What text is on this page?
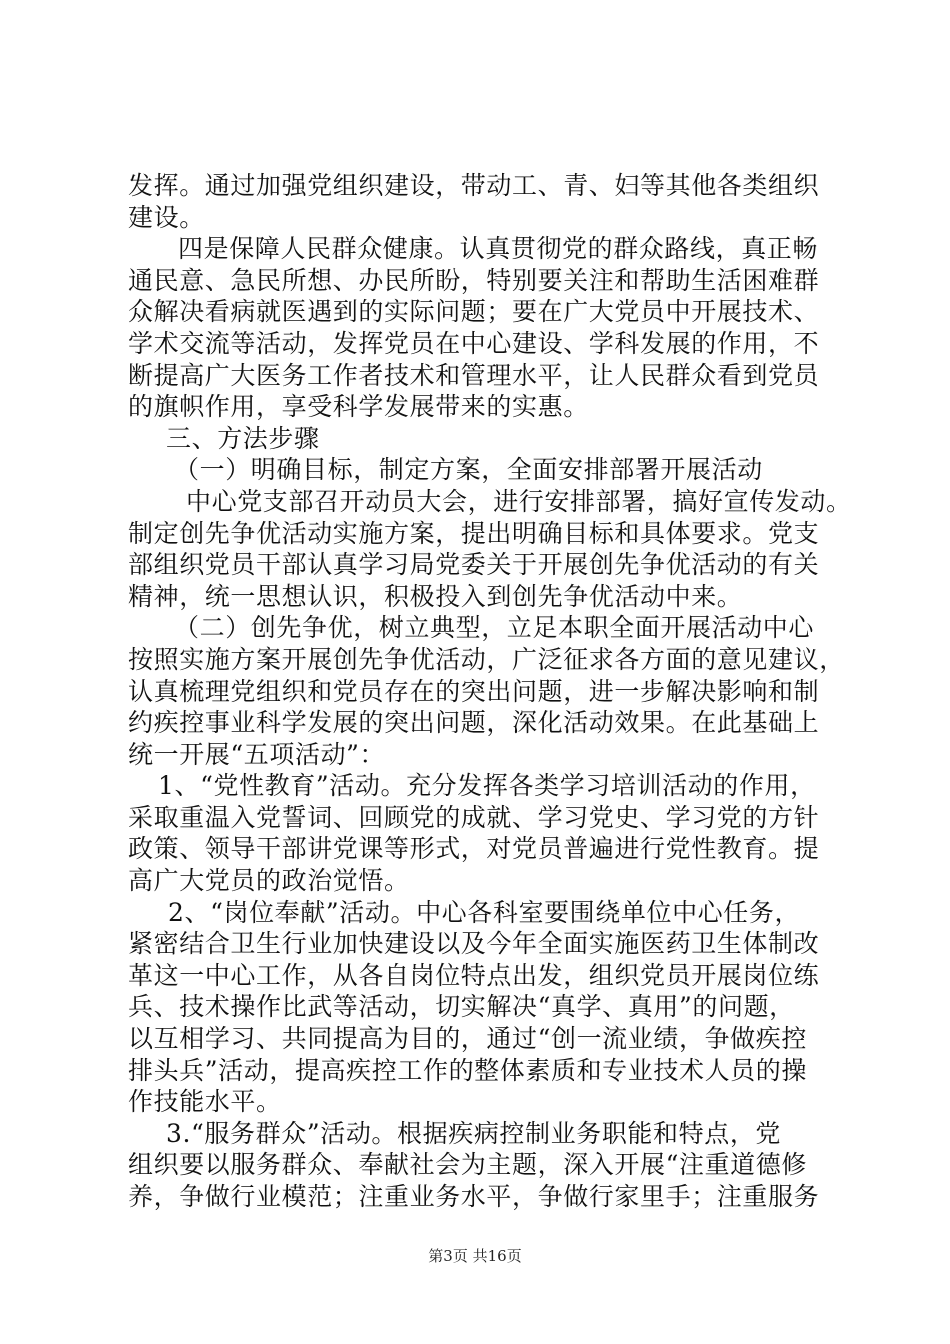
发挥。通过加强党组织建设，带动工、青、妇等其他各类组织
建设。
四是保障人民群众健康。认真贯彻党的群众路线，真正畅
通民意、急民所想、办民所盼，特别要关注和帮助生活困难群
众解决看病就医遇到的实际问题；要在广大党员中开展技术、
学术交流等活动，发挥党员在中心建设、学科发展的作用，不
断提高广大医务工作者技术和管理水平，让人民群众看到党员
的旗帜作用，享受科学发展带来的实惠。
三、方法步骤
（一）明确目标，制定方案，全面安排部署开展活动
中心党支部召开动员大会，进行安排部署，搞好宣传发动。
制定创先争优活动实施方案，提出明确目标和具体要求。党支
部组织党员干部认真学习局党委关于开展创先争优活动的有关
精神，统一思想认识，积极投入到创先争优活动中来。
（二）创先争优，树立典型，立足本职全面开展活动中心
按照实施方案开展创先争优活动，广泛征求各方面的意见建议，
认真梳理党组织和党员存在的突出问题，进一步解决影响和制
约疾控事业科学发展的突出问题，深化活动效果。在此基础上
统一开展“五项活动”：
1、“党性教育”活动。充分发挥各类学习培训活动的作用，
采取重温入党誓词、回顾党的成就、学习党史、学习党的方针
政策、领导干部讲党课等形式，对党员普遍进行党性教育。提
高广大党员的政治觉悟。
2、“岗位奉献”活动。中心各科室要围绕单位中心任务，
紧密结合卫生行业加快建设以及今年全面实施医药卫生体制改
革这一中心工作，从各自岗位特点出发，组织党员开展岗位练
兵、技术操作比武等活动，切实解决“真学、真用”的问题，
以互相学习、共同提高为目的，通过“创一流业绩，争做疾控
排头兵”活动，提高疾控工作的整体素质和专业技术人员的操
作技能水平。
3.“服务群众”活动。根据疾病控制业务职能和特点，党
组织要以服务群众、奉献社会为主题，深入开展“注重道德修
养，争做行业模范；注重业务水平，争做行家里手；注重服务
第3页 共16页
